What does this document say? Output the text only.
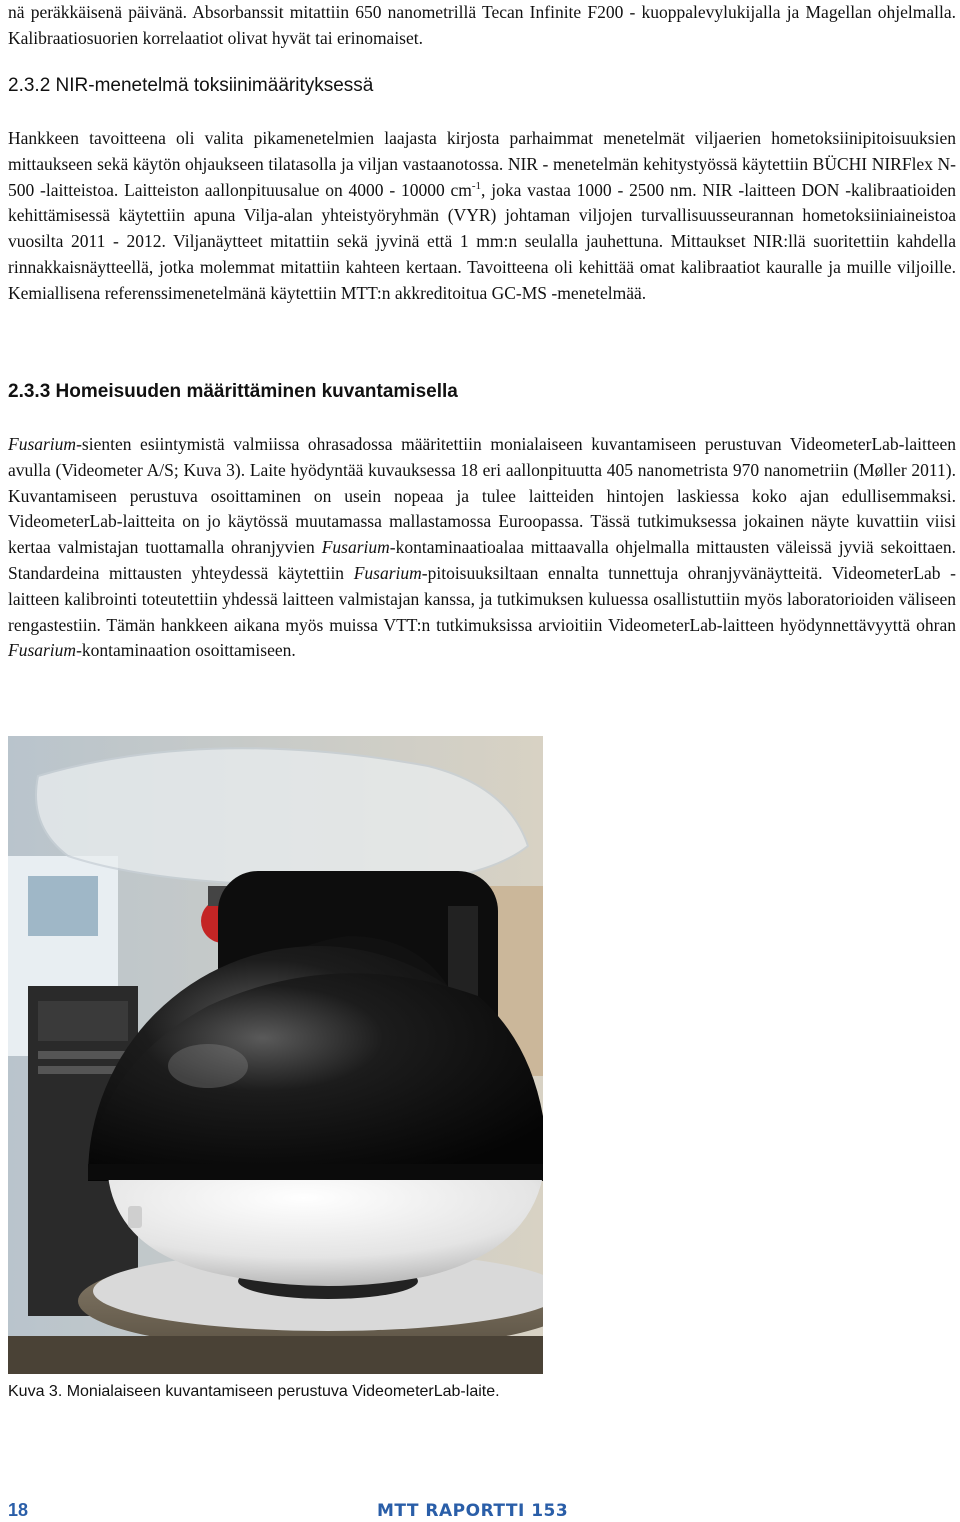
nä peräkkäisenä päivänä. Absorbanssit mitattiin 650 nanometrillä Tecan Infinite F200 - kuoppalevylukijalla ja Magellan ohjelmalla. Kalibraatiosuorien korrelaatiot olivat hyvät tai erinomaiset.

2.3.2 NIR-menetelmä toksiinimäärityksessä

Hankkeen tavoitteena oli valita pikamenetelmien laajasta kirjosta parhaimmat menetelmät viljaerien hometoksiinipitoisuuksien mittaukseen sekä käytön ohjaukseen tilatasolla ja viljan vastaanotossa. NIR - menetelmän kehitystyössä käytettiin BÜCHI NIRFlex N-500 -laitteistoa. Laitteiston aallonpituusalue on 4000 - 10000 $cm^{-1}$, joka vastaa 1000 - 2500 nm. NIR -laitteen DON -kalibraatioiden kehittämisessä käytettiin apuna Vilja-alan yhteistyöryhmän (VYR) johtaman viljojen turvallisuusseurannan hometoksiiniaineistoa vuosilta 2011 - 2012. Viljanäytteet mitattiin sekä jyvinä että 1 mm:n seulalla jauhettuna. Mittaukset NIR:llä suoritettiin kahdella rinnakkaisnäytteellä, jotka molemmat mitattiin kahteen kertaan. Tavoitteena oli kehittää omat kalibraatiot kauralle ja muille viljoille. Kemiallisena referenssimenetelmänä käytettiin MTT:n akkreditoitua GC-MS -menetelmää.

2.3.3 Homeisuuden määrittäminen kuvantamisella

Fusarium-sienten esiintymistä valmiissa ohrasadossa määritettiin monialaiseen kuvantamiseen perustuvan VideometerLab-laitteen avulla (Videometer A/S; Kuva 3). Laite hyödyntää kuvauksessa 18 eri aallonpituutta 405 nanometrista 970 nanometriin (Møller 2011). Kuvantamiseen perustuva osoittaminen on usein nopeaa ja tulee laitteiden hintojen laskiessa koko ajan edullisemmaksi. VideometerLab-laitteita on jo käytössä muutamassa mallastamossa Euroopassa. Tässä tutkimuksessa jokainen näyte kuvattiin viisi kertaa valmistajan tuottamalla ohranjyvien Fusarium-kontaminaatioalaa mittaavalla ohjelmalla mittausten väleissä jyviä sekoittaen. Standardeina mittausten yhteydessä käytettiin Fusarium-pitoisuuksiltaan ennalta tunnettuja ohranjyvänäytteitä. VideometerLab -laitteen kalibrointi toteutettiin yhdessä laitteen valmistajan kanssa, ja tutkimuksen kuluessa osallistuttiin myös laboratorioiden väliseen rengastestiin. Tämän hankkeen aikana myös muissa VTT:n tutkimuksissa arvioitiin VideometerLab-laitteen hyödynnettävyyttä ohran Fusarium-kontaminaation osoittamiseen.

Kuva 3. Monialaiseen kuvantamiseen perustuva VideometerLab-laite.

18	MTT RAPORTTI 153
